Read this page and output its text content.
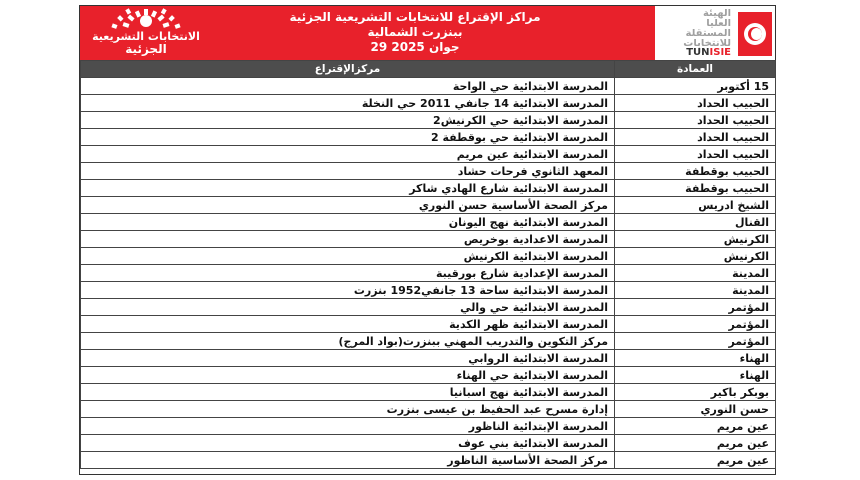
الانتخابات التشريعية
الجزئية
مراكز الإقتراع للانتخابات التشريعية الجزئية
ببنزرت الشمالية
29 جوان 2025
الهيئة
العليا
المستقلة
للانتخابات
TUNISIE
العمادة	مركزالإقتراع
15 أكتوبر	المدرسة الابتدائية حي الواحة
الحبيب الحداد	المدرسة الابتدائية 14 جانفي 2011 حي النخلة
الحبيب الحداد	المدرسة الابتدائية حي الكرنيش2
الحبيب الحداد	المدرسة الابتدائية حي بوقطفة 2
الحبيب الحداد	المدرسة الابتدائية عين مريم
الحبيب بوقطفة	المعهد الثانوي فرحات حشاد
الحبيب بوقطفة	المدرسة الابتدائية شارع الهادي شاكر
الشيخ ادريس	مركز الصحة الأساسية حسن النوري
القنال	المدرسة الابتدائية نهج اليونان
الكرنيش	المدرسة الاعدادية بوخريص
الكرنيش	المدرسة الابتدائية الكرنيش
المدينة	المدرسة الإعدادية شارع بورقيبة
المدينة	المدرسة الابتدائية ساحة 13 جانفي1952 بنزرت
المؤتمر	المدرسة الابتدائية حي والي
المؤتمر	المدرسة الابتدائية ظهر الكدية
المؤتمر	مركز التكوين والتدريب المهني ببنزرت(بواد المرج)
الهناء	المدرسة الابتدائية الروابي
الهناء	المدرسة الابتدائية حي الهناء
بوبكر باكير	المدرسة الابتدائية نهج اسبانيا
حسن النوري	إدارة مسرح عبد الحفيظ بن عيسى بنزرت
عين مريم	المدرسة الإبتدائية الناظور
عين مريم	المدرسة الابتدائية بني عوف
عين مريم	مركز الصحة الأساسية الناظور
